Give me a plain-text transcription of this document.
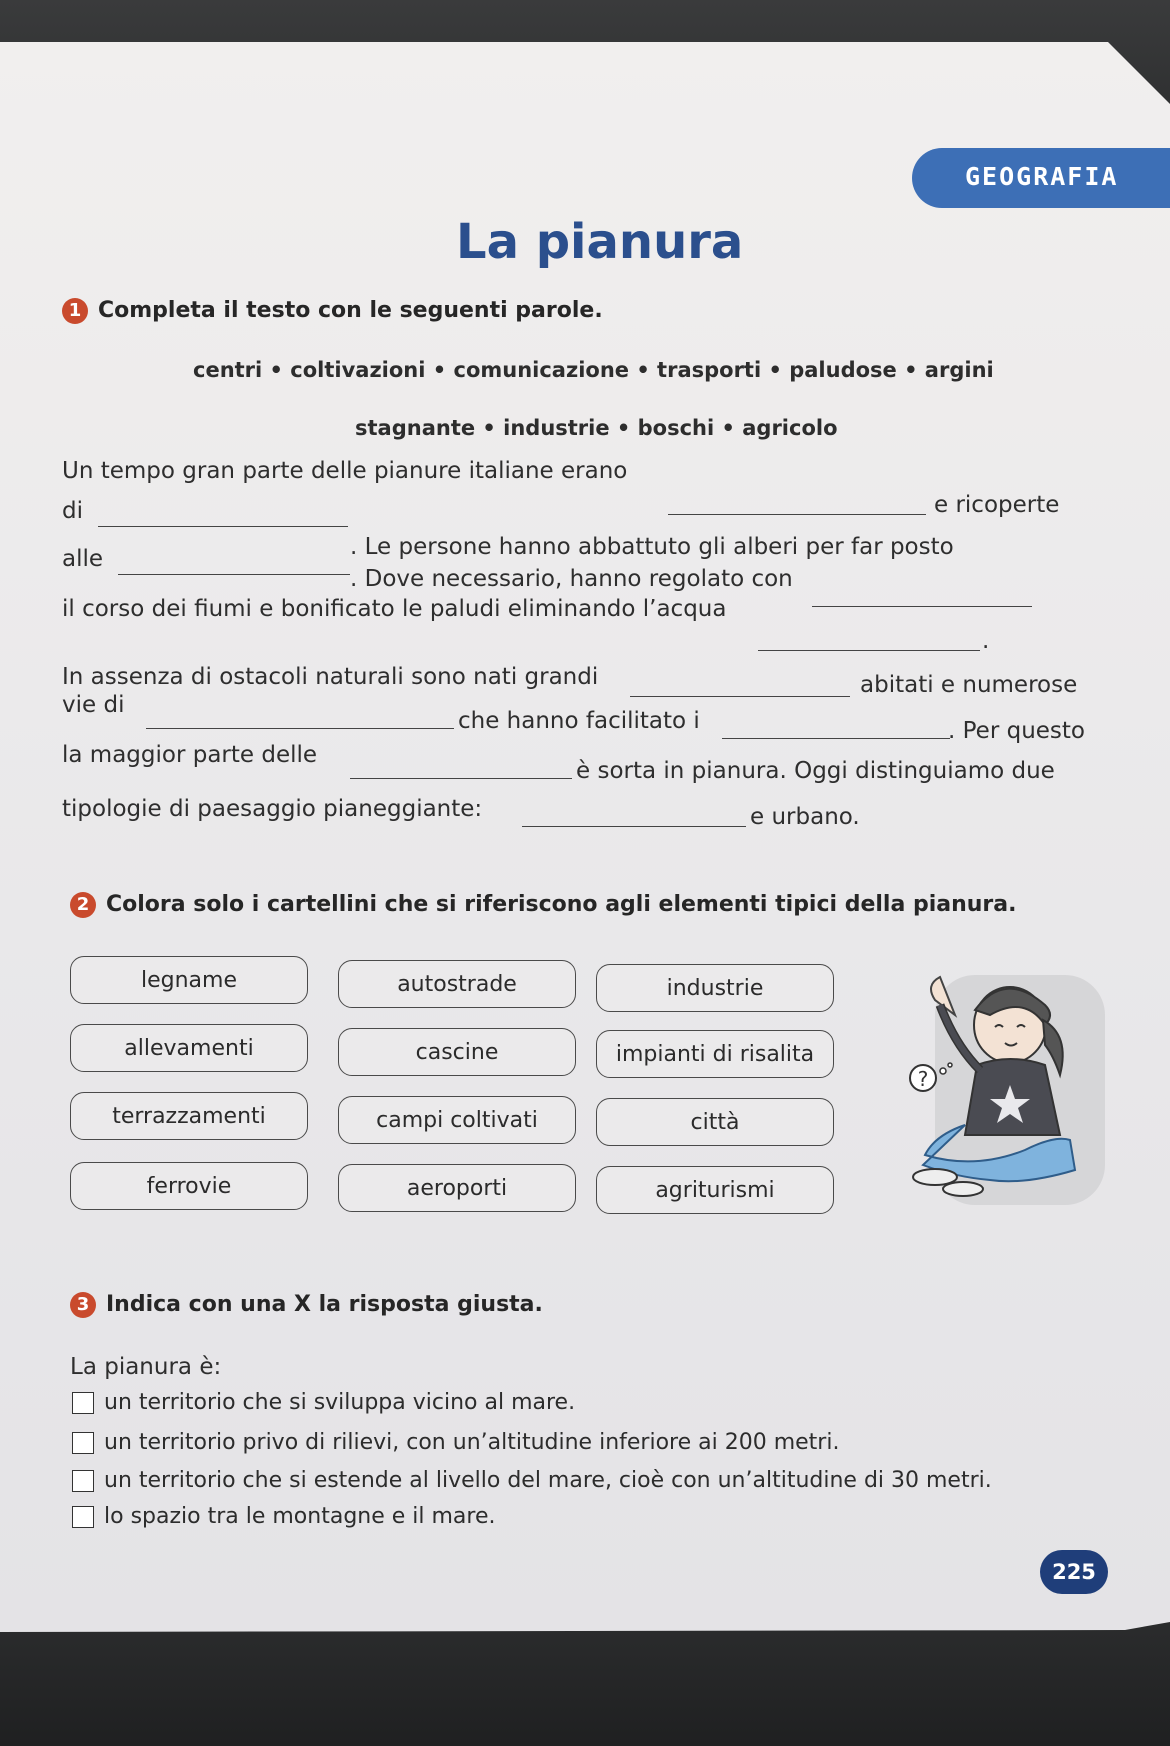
GEOGRAFIA
La pianura
1 Completa il testo con le seguenti parole.
centri • coltivazioni • comunicazione • trasporti • paludose • argini
stagnante • industrie • boschi • agricolo
Un tempo gran parte delle pianure italiane erano
e ricoperte
di
. Le persone hanno abbattuto gli alberi per far posto
alle
. Dove necessario, hanno regolato con
il corso dei fiumi e bonificato le paludi eliminando l’acqua
.
In assenza di ostacoli naturali sono nati grandi	abitati e numerose
vie di
che hanno facilitato i	. Per questo
la maggior parte delle
è sorta in pianura. Oggi distinguiamo due
tipologie di paesaggio pianeggiante:	e urbano.
2 Colora solo i cartellini che si riferiscono agli elementi tipici della pianura.
legname	autostrade	industrie
allevamenti	cascine	impianti di risalita
terrazzamenti	campi coltivati	città
ferrovie	aeroporti	agriturismi
?
3 Indica con una X la risposta giusta.
La pianura è:
un territorio che si sviluppa vicino al mare.
un territorio privo di rilievi, con un’altitudine inferiore ai 200 metri.
un territorio che si estende al livello del mare, cioè con un’altitudine di 30 metri.
lo spazio tra le montagne e il mare.
225
